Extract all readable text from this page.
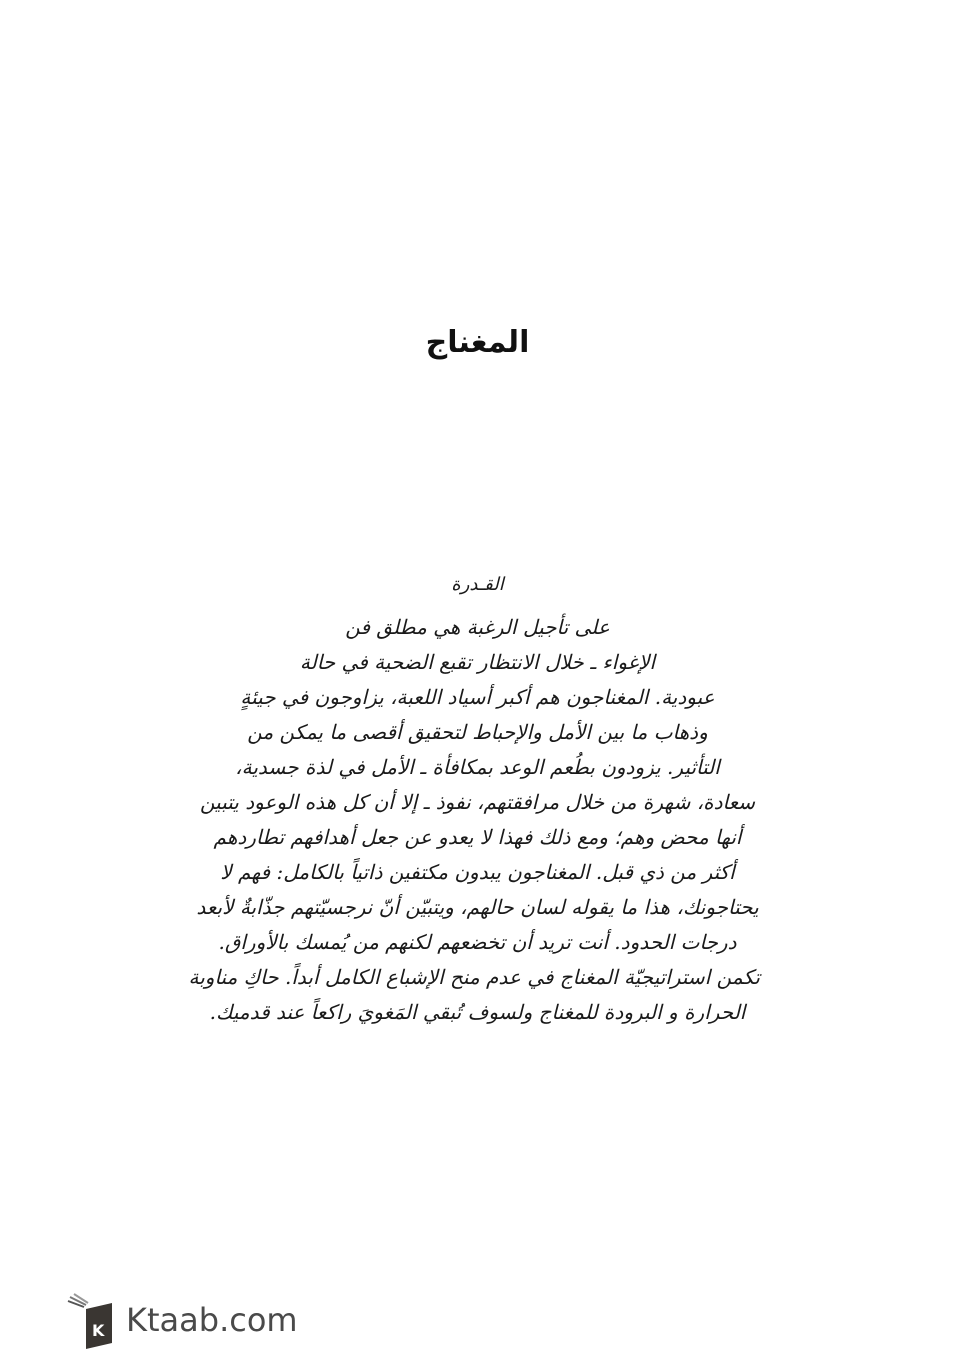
المغناج
القـدرة
على تأجيل الرغبة هي مطلق فن
الإغواء ـ خلال الانتظار تقبع الضحية في حالة
عبودية. المغناجون هم أكبر أسياد اللعبة، يزاوجون في جيئةٍ
وذهاب ما بين الأمل والإحباط لتحقيق أقصى ما يمكن من
التأثير. يزودون بطُعم الوعد بمكافأة ـ الأمل في لذة جسدية،
سعادة، شهرة من خلال مرافقتهم، نفوذ ـ إلا أن كل هذه الوعود يتبين
أنها محض وهم؛ ومع ذلك فهذا لا يعدو عن جعل أهدافهم تطاردهم
أكثر من ذي قبل. المغناجون يبدون مكتفين ذاتياً بالكامل: فهم لا
يحتاجونك، هذا ما يقوله لسان حالهم، ويتبيّن أنّ نرجسيّتهم جذّابةٌ لأبعد
درجات الحدود. أنت تريد أن تخضعهم لكنهم من يُمسك بالأوراق.
تكمن استراتيجيّة المغناج في عدم منح الإشباع الكامل أبداً. حاكِ مناوبة
الحرارة و البرودة للمغناج ولسوف تُبقي المَغويَ راكعاً عند قدميك.
K Ktaab.com
